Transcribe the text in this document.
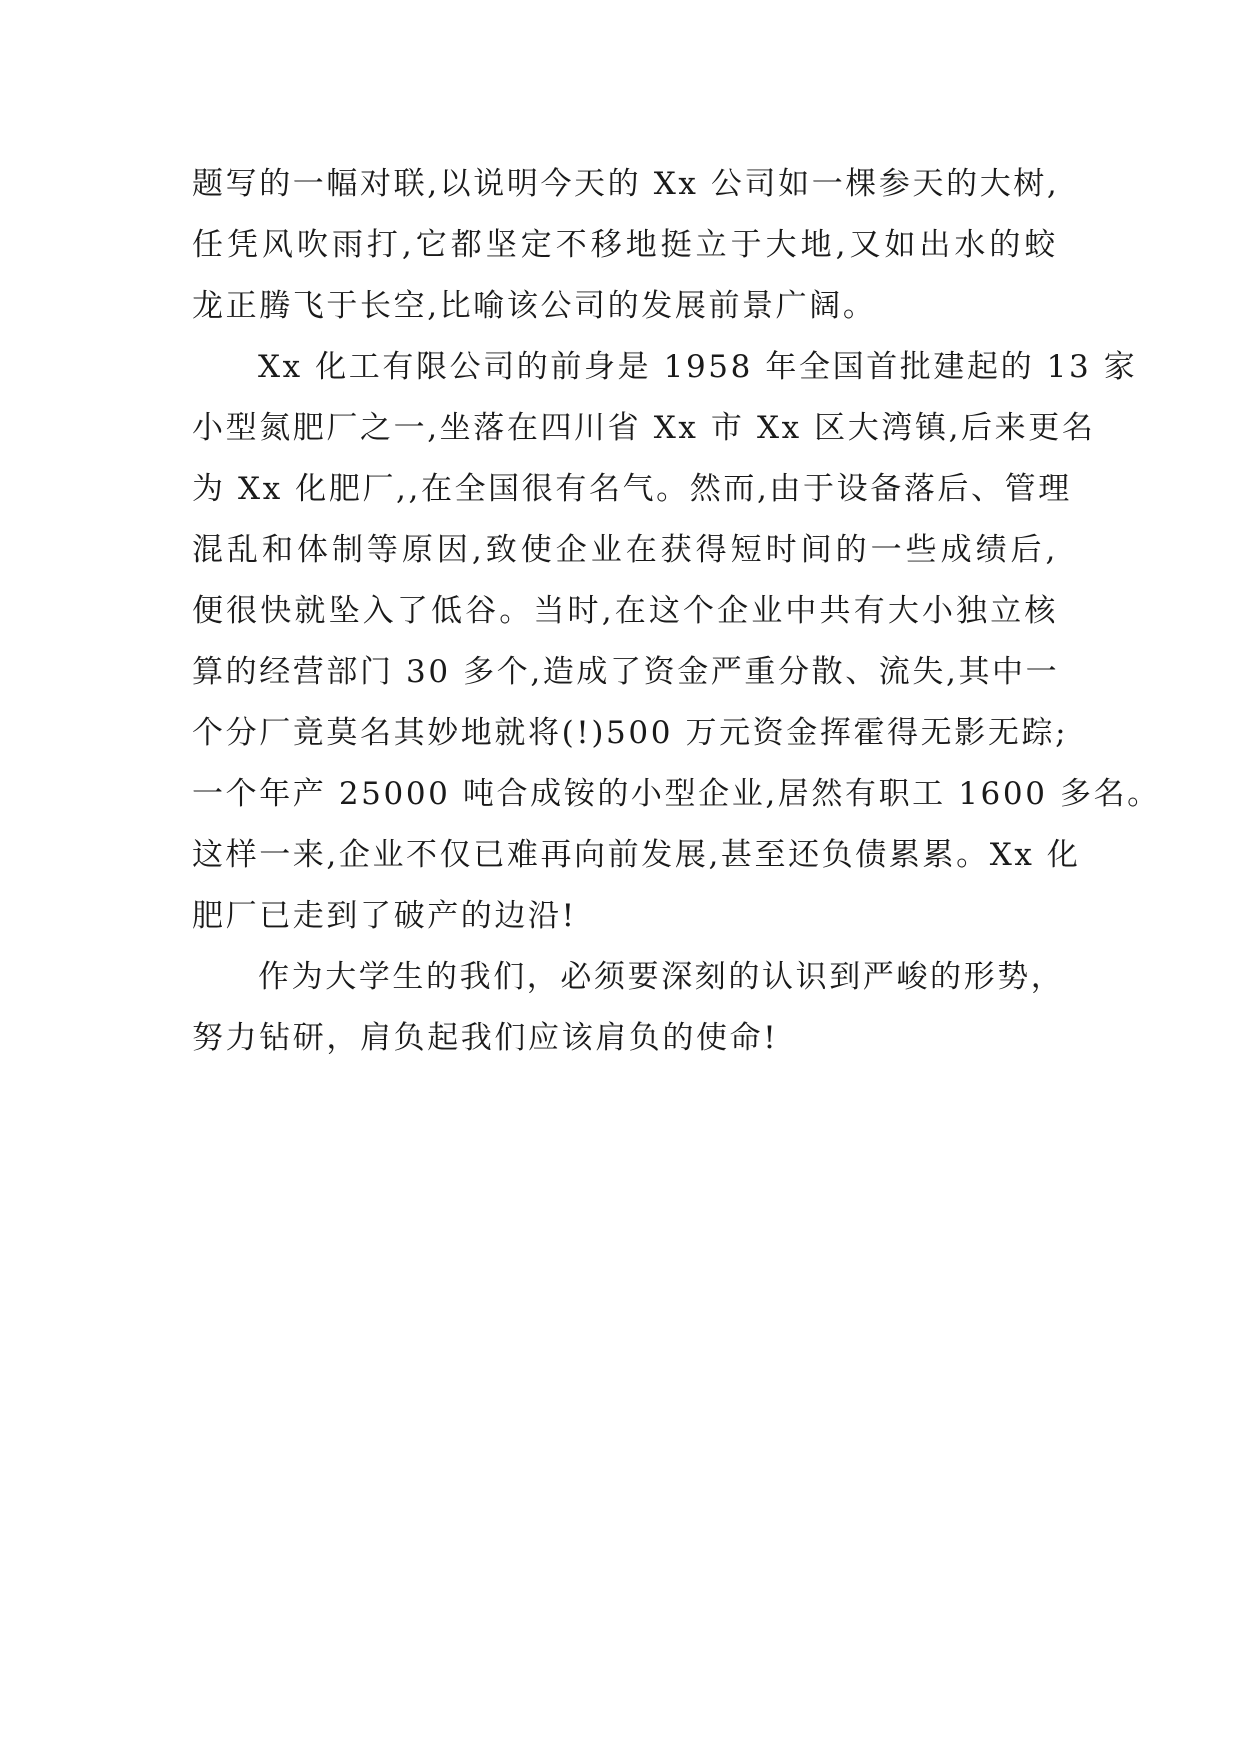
题写的一幅对联,以说明今天的 Xx 公司如一棵参天的大树,
任凭风吹雨打,它都坚定不移地挺立于大地,又如出水的蛟
龙正腾飞于长空,比喻该公司的发展前景广阔。

Xx 化工有限公司的前身是 1958 年全国首批建起的 13 家
小型氮肥厂之一,坐落在四川省 Xx 市 Xx 区大湾镇,后来更名
为 Xx 化肥厂,,在全国很有名气。然而,由于设备落后、管理
混乱和体制等原因,致使企业在获得短时间的一些成绩后,
便很快就坠入了低谷。当时,在这个企业中共有大小独立核
算的经营部门 30 多个,造成了资金严重分散、流失,其中一
个分厂竟莫名其妙地就将(!)500 万元资金挥霍得无影无踪;
一个年产 25000 吨合成铵的小型企业,居然有职工 1600 多名。
这样一来,企业不仅已难再向前发展,甚至还负债累累。Xx 化
肥厂已走到了破产的边沿!

作为大学生的我们，必须要深刻的认识到严峻的形势，
努力钻研，肩负起我们应该肩负的使命!
